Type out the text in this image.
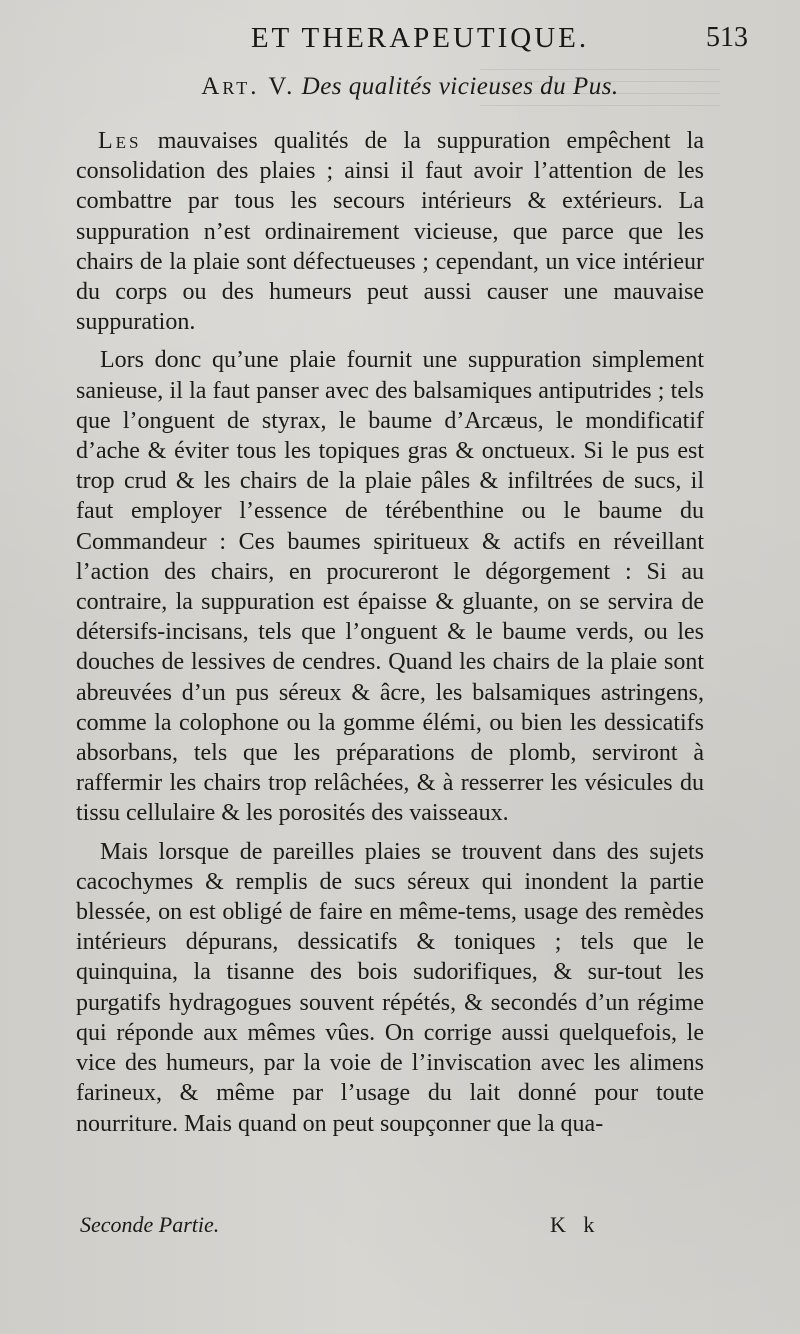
ET THERAPEUTIQUE.	513
Art. V. Des qualités vicieuses du Pus.

Les mauvaises qualités de la suppuration empêchent la consolidation des plaies ; ainsi il faut avoir l’attention de les combattre par tous les secours intérieurs & extérieurs. La suppuration n’est ordinairement vicieuse, que parce que les chairs de la plaie sont défectueuses ; cependant, un vice intérieur du corps ou des humeurs peut aussi causer une mauvaise suppuration.

Lors donc qu’une plaie fournit une suppuration simplement sanieuse, il la faut panser avec des balsamiques antiputrides ; tels que l’onguent de styrax, le baume d’Arcæus, le mondificatif d’ache & éviter tous les topiques gras & onctueux. Si le pus est trop crud & les chairs de la plaie pâles & infiltrées de sucs, il faut employer l’essence de térébenthine ou le baume du Commandeur : Ces baumes spiritueux & actifs en réveillant l’action des chairs, en procureront le dégorgement : Si au contraire, la suppuration est épaisse & gluante, on se servira de détersifs-incisans, tels que l’onguent & le baume verds, ou les douches de lessives de cendres. Quand les chairs de la plaie sont abreuvées d’un pus séreux & âcre, les balsamiques astringens, comme la colophone ou la gomme élémi, ou bien les dessicatifs absorbans, tels que les préparations de plomb, serviront à raffermir les chairs trop relâchées, & à resserrer les vésicules du tissu cellulaire & les porosités des vaisseaux.

Mais lorsque de pareilles plaies se trouvent dans des sujets cacochymes & remplis de sucs séreux qui inondent la partie blessée, on est obligé de faire en même-tems, usage des remèdes intérieurs dépurans, dessicatifs & toniques ; tels que le quinquina, la tisanne des bois sudorifiques, & sur-tout les purgatifs hydragogues souvent répétés, & secondés d’un régime qui réponde aux mêmes vûes. On corrige aussi quelquefois, le vice des humeurs, par la voie de l’inviscation avec les alimens farineux, & même par l’usage du lait donné pour toute nourriture. Mais quand on peut soupçonner que la qua-

Seconde Partie.	K k
